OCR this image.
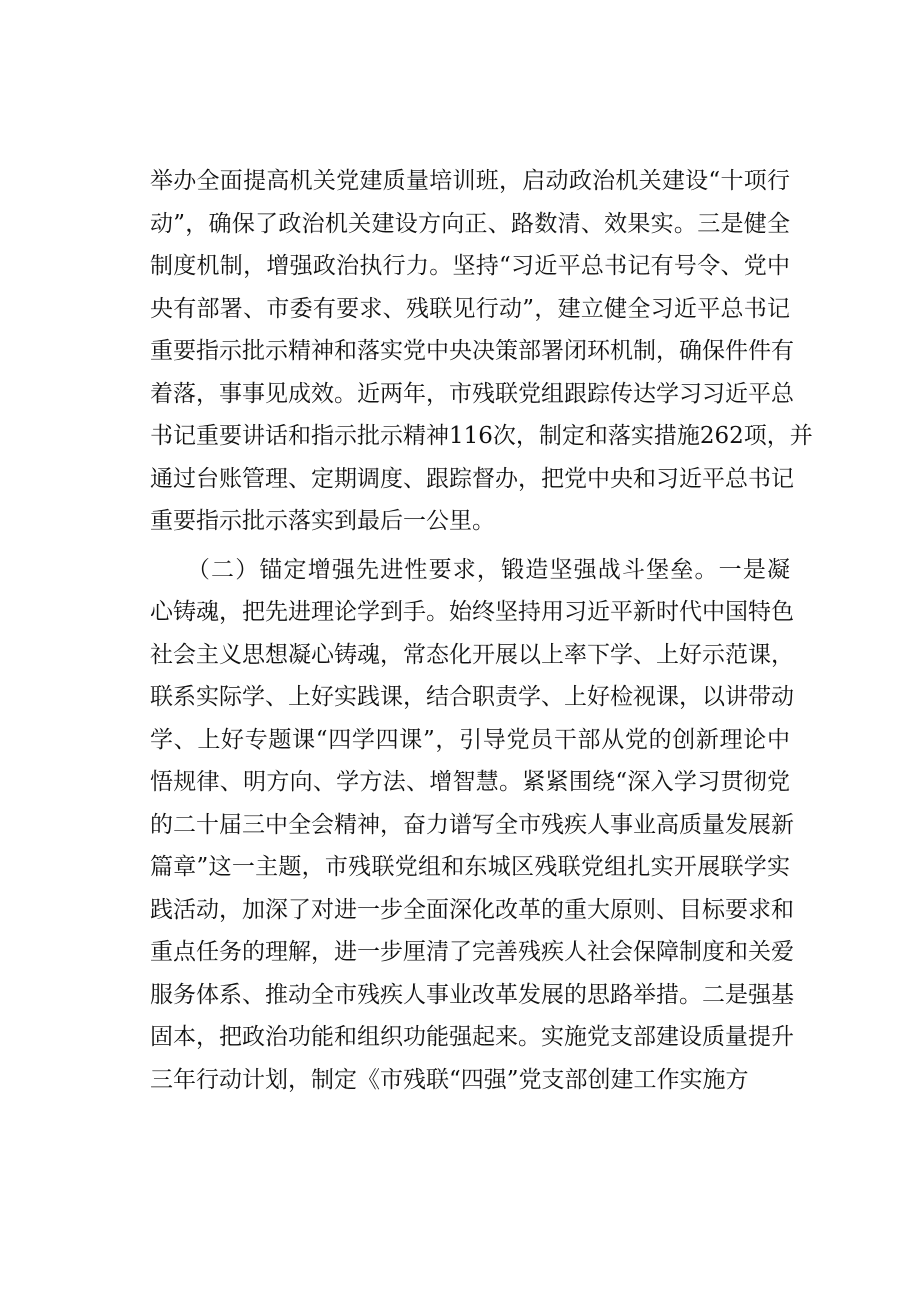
举办全面提高机关党建质量培训班，启动政治机关建设“十项行
动”，确保了政治机关建设方向正、路数清、效果实。三是健全
制度机制，增强政治执行力。坚持“习近平总书记有号令、党中
央有部署、市委有要求、残联见行动”，建立健全习近平总书记
重要指示批示精神和落实党中央决策部署闭环机制，确保件件有
着落，事事见成效。近两年，市残联党组跟踪传达学习习近平总
书记重要讲话和指示批示精神116次，制定和落实措施262项，并
通过台账管理、定期调度、跟踪督办，把党中央和习近平总书记
重要指示批示落实到最后一公里。
　　（二）锚定增强先进性要求，锻造坚强战斗堡垒。一是凝
心铸魂，把先进理论学到手。始终坚持用习近平新时代中国特色
社会主义思想凝心铸魂，常态化开展以上率下学、上好示范课，
联系实际学、上好实践课，结合职责学、上好检视课，以讲带动
学、上好专题课“四学四课”，引导党员干部从党的创新理论中
悟规律、明方向、学方法、增智慧。紧紧围绕“深入学习贯彻党
的二十届三中全会精神，奋力谱写全市残疾人事业高质量发展新
篇章”这一主题，市残联党组和东城区残联党组扎实开展联学实
践活动，加深了对进一步全面深化改革的重大原则、目标要求和
重点任务的理解，进一步厘清了完善残疾人社会保障制度和关爱
服务体系、推动全市残疾人事业改革发展的思路举措。二是强基
固本，把政治功能和组织功能强起来。实施党支部建设质量提升
三年行动计划，制定《市残联“四强”党支部创建工作实施方
